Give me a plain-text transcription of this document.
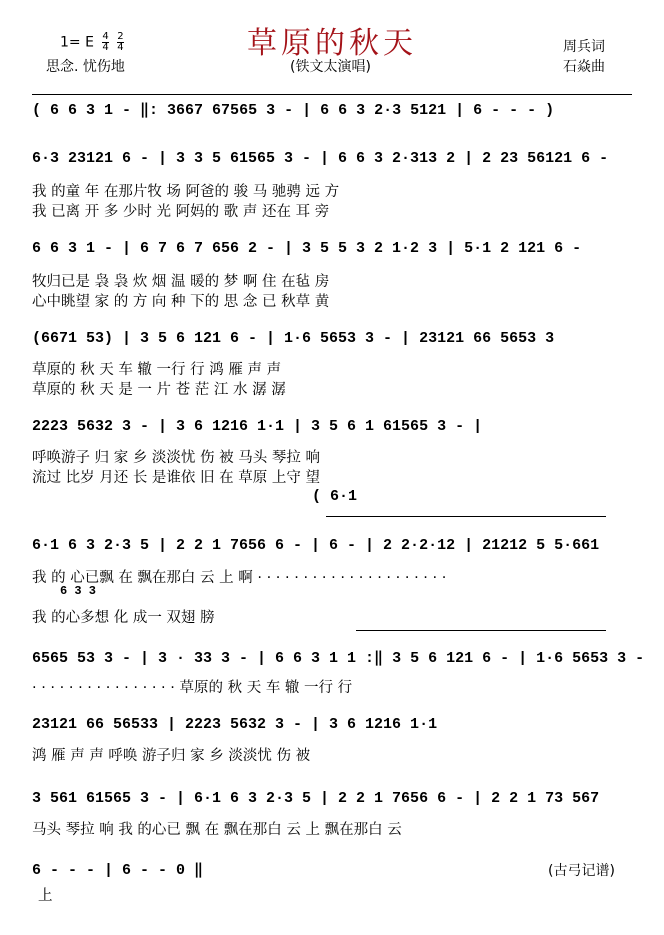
草原的秋天
1= E $\frac{4}{4}$
$\frac{2}{4}$
思念. 忧伤地	(铁文太演唱)
周兵词
石焱曲
( 6 6 3 1 - ‖: 3667 67565 3 - | 6 6 3 2·3 5121 | 6 - - - )
6·3 23121 6 - | 3 3 5 61565 3 - | 6 6 3 2·313 2 | 2 23 56121 6 -
我 的童 年 在那片牧 场 阿爸的 骏 马 驰骋 远 方
我 已离 开 多 少时 光 阿妈的 歌 声 还在 耳 旁
6 6 3 1 - | 6 7 6 7 656 2 - | 3 5 5 3 2 1·2 3 | 5·1 2 121 6 -
牧归已是 袅 袅 炊 烟 温 暖的 梦 啊 住 在毡 房
心中眺望 家 的 方 向 种 下的 思 念 已 秋草 黄
(6671 53) | 3 5 6 121 6 - | 1·6 5653 3 - | 23121 66 5653 3
草原的 秋 天 车 辙 一行 行 鸿 雁 声 声
草原的 秋 天 是 一 片 苍 茫 江 水 潺 潺
2223 5632 3 - | 3 6 1216 1·1 | 3 5 6 1 61565 3 - |
呼唤游子 归 家 乡 淡淡忧 伤 被 马头 琴拉 响
流过 比岁 月还 长 是谁依 旧 在 草原 上守 望
( 6·1
6·1 6 3 2·3 5 | 2 2 1 7656 6 - | 6 - | 2 2·2·12 | 21212 5 5·661
我 的 心已飘 在 飘在那白 云 上 啊 · · · · · · · · · · · · · · · · · · · · ·
6 3 3
我 的心多想 化 成一 双翅 膀
6565 53 3 - | 3 · 33 3 - | 6 6 3 1 1 :‖ 3 5 6 121 6 - | 1·6 5653 3 -
· · · · · · · · · · · · · · · · 草原的 秋 天 车 辙 一行 行
23121 66 56533 | 2223 5632 3 - | 3 6 1216 1·1
鸿 雁 声 声 呼唤 游子归 家 乡 淡淡忧 伤 被
3 561 61565 3 - | 6·1 6 3 2·3 5 | 2 2 1 7656 6 - | 2 2 1 73 567
马头 琴拉 响 我 的心已 飘 在 飘在那白 云 上 飘在那白 云
6 - - - | 6 - - 0 ‖
上
(古弓记谱)
